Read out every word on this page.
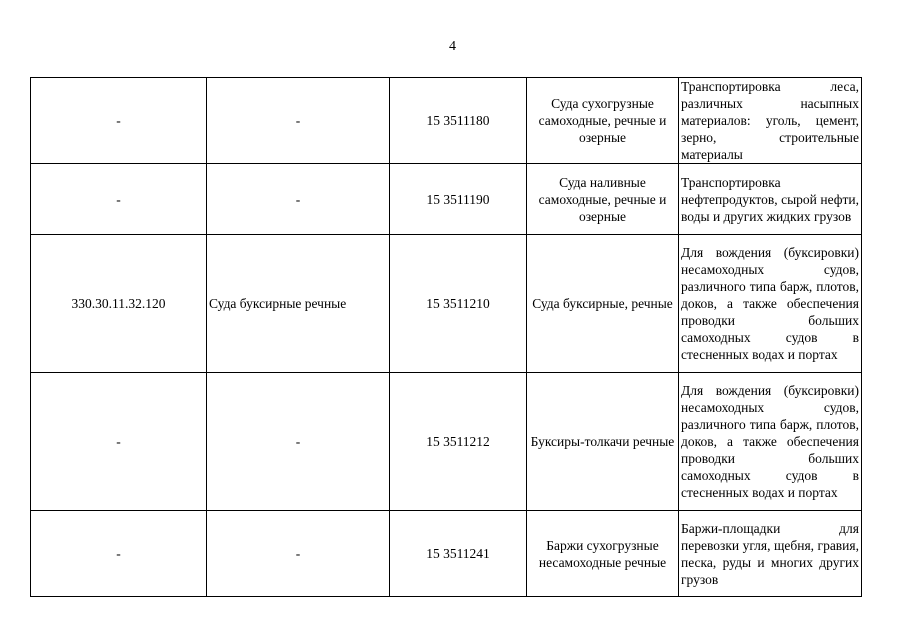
4
-	-	15 3511180	Суда сухогрузные самоходные, речные и озерные	Транспортировка леса, различных насыпных материалов: уголь, цемент, зерно, строительные материалы
-	-	15 3511190	Суда наливные самоходные, речные и озерные	Транспортировка нефтепродуктов, сырой нефти, воды и других жидких грузов
330.30.11.32.120	Суда буксирные речные	15 3511210	Суда буксирные, речные	Для вождения (буксировки) несамоходных судов, различного типа барж, плотов, доков, а также обеспечения проводки больших самоходных судов в стесненных водах и портах
-	-	15 3511212	Буксиры-толкачи речные	Для вождения (буксировки) несамоходных судов, различного типа барж, плотов, доков, а также обеспечения проводки больших самоходных судов в стесненных водах и портах
-	-	15 3511241	Баржи сухогрузные несамоходные речные	Баржи-площадки для перевозки угля, щебня, гравия, песка, руды и многих других грузов
